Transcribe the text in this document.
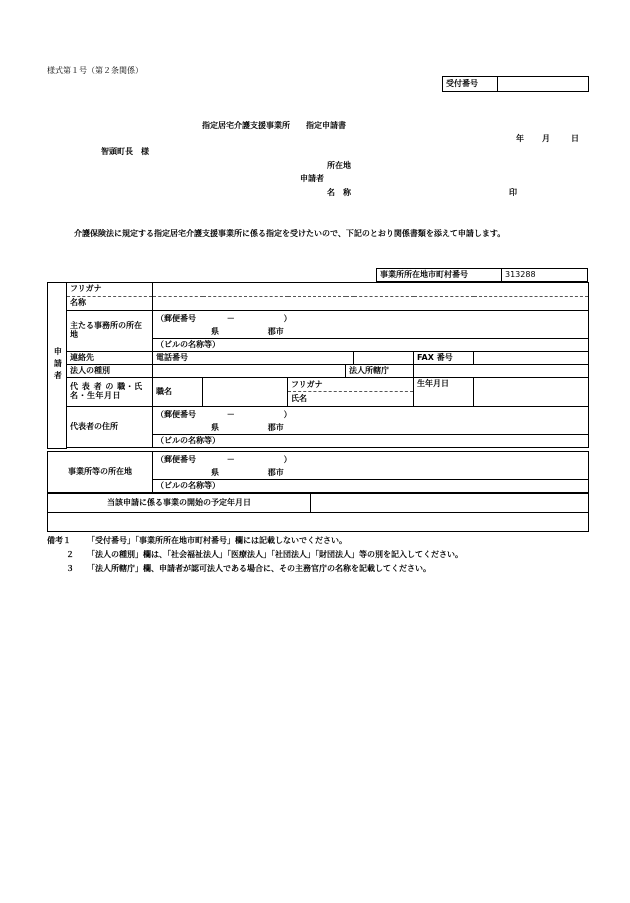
様式第１号（第２条関係）
受付番号	
指定居宅介護支援事業所　　指定申請書
年 月	日
智頭町長　様
所在地
申請者
名　称	印
介護保険法に規定する指定居宅介護支援事業所に係る指定を受けたいので、下記のとおり関係書類を添えて申請します。
事業所所在地市町村番号	313288
申請者	フリガナ							
	名称							
	主たる事務所の所在地	（郵便番号 － ）
県 郡市						

		（ビルの名称等）						
	連絡先	電話番号					FAX 番号	
	法人の種別				法人所轄庁			
	代 表 者 の 職・氏名・生年月日	職名		フリガナ
氏名			生年月日	
	代表者の住所	（郵便番号 － ）
県 郡市						

		（ビルの名称等）						

事業所等の所在地	
（郵便番号	－	）
県	郡市

（ビルの名称等）
当該申請に係る事業の開始の予定年月日	

備考１ 「受付番号」「事業所所在地市町村番号」欄には記載しないでください。
２ 「法人の種別」欄は、「社会福祉法人」「医療法人」「社団法人」「財団法人」等の別を記入してください。
３ 「法人所轄庁」欄、申請者が認可法人である場合に、その主務官庁の名称を記載してください。
